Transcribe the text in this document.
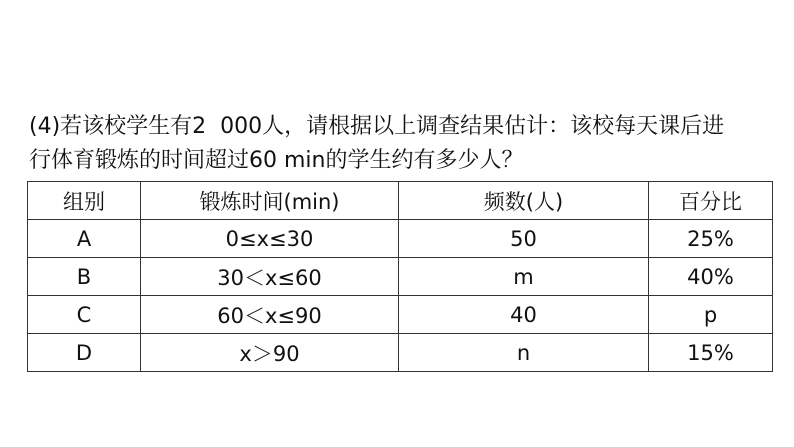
(4)若该校学生有2  000人，请根据以上调查结果估计：该校每天课后进
行体育锻炼的时间超过60 min的学生约有多少人？
组别	锻炼时间(min)	频数(人)	百分比
A	0≤x≤30	50	25%
B	30＜x≤60	m	40%
C	60＜x≤90	40	p
D	x＞90	n	15%
